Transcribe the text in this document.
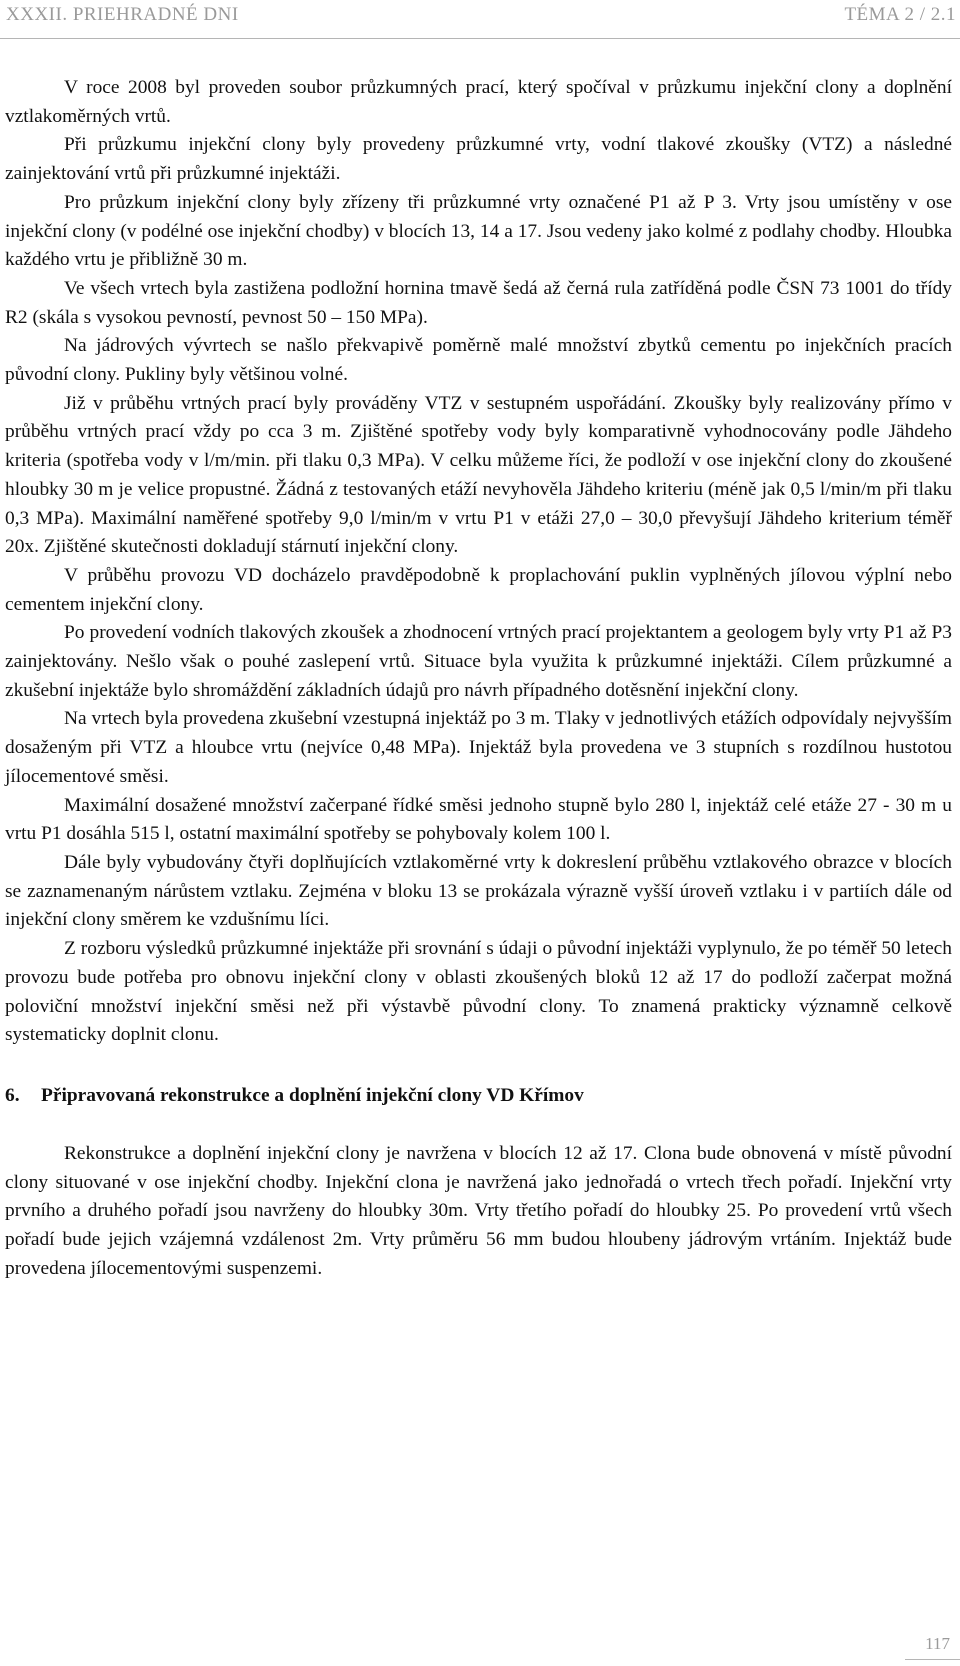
XXXII. PRIEHRADNÉ DNI	TÉMA 2 / 2.1

V roce 2008 byl proveden soubor průzkumných prací, který spočíval v průzkumu injekční clony a doplnění vztlakoměrných vrtů.

Při průzkumu injekční clony byly provedeny průzkumné vrty, vodní tlakové zkoušky (VTZ) a následné zainjektování vrtů při průzkumné injektáži.

Pro průzkum injekční clony byly zřízeny tři průzkumné vrty označené P1 až P 3. Vrty jsou umístěny v ose injekční clony (v podélné ose injekční chodby) v blocích 13, 14 a 17. Jsou vedeny jako kolmé z podlahy chodby. Hloubka každého vrtu je přibližně 30 m.

Ve všech vrtech byla zastižena podložní hornina tmavě šedá až černá rula zatříděná podle ČSN 73 1001 do třídy R2 (skála s vysokou pevností, pevnost 50 – 150 MPa).

Na jádrových vývrtech se našlo překvapivě poměrně malé množství zbytků cementu po injekčních pracích původní clony. Pukliny byly většinou volné.

Již v průběhu vrtných prací byly prováděny VTZ v sestupném uspořádání. Zkoušky byly realizovány přímo v průběhu vrtných prací vždy po cca 3 m. Zjištěné spotřeby vody byly komparativně vyhodnocovány podle Jähdeho kriteria (spotřeba vody v l/m/min. při tlaku 0,3 MPa). V celku můžeme říci, že podloží v ose injekční clony do zkoušené hloubky 30 m je velice propustné. Žádná z testovaných etáží nevyhověla Jähdeho kriteriu (méně jak 0,5 l/min/m při tlaku 0,3 MPa). Maximální naměřené spotřeby 9,0 l/min/m v vrtu P1 v etáži 27,0 – 30,0 převyšují Jähdeho kriterium téměř 20x. Zjištěné skutečnosti dokladují stárnutí injekční clony.

V průběhu provozu VD docházelo pravděpodobně k proplachování puklin vyplněných jílovou výplní nebo cementem injekční clony.

Po provedení vodních tlakových zkoušek a zhodnocení vrtných prací projektantem a geologem byly vrty P1 až P3 zainjektovány. Nešlo však o pouhé zaslepení vrtů. Situace byla využita k průzkumné injektáži. Cílem průzkumné a zkušební injektáže bylo shromáždění základních údajů pro návrh případného dotěsnění injekční clony.

Na vrtech byla provedena zkušební vzestupná injektáž po 3 m. Tlaky v jednotlivých etážích odpovídaly nejvyšším dosaženým při VTZ a hloubce vrtu (nejvíce 0,48 MPa). Injektáž byla provedena ve 3 stupních s rozdílnou hustotou jílocementové směsi.

Maximální dosažené množství začerpané řídké směsi jednoho stupně bylo 280 l, injektáž celé etáže 27 - 30 m u vrtu P1 dosáhla 515 l, ostatní maximální spotřeby se pohybovaly kolem 100 l.

Dále byly vybudovány čtyři doplňujících vztlakoměrné vrty k dokreslení průběhu vztlakového obrazce v blocích se zaznamenaným nárůstem vztlaku. Zejména v bloku 13 se prokázala výrazně vyšší úroveň vztlaku i v partiích dále od injekční clony směrem ke vzdušnímu líci.

Z rozboru výsledků průzkumné injektáže při srovnání s údaji o původní injektáži vyplynulo, že po téměř 50 letech provozu bude potřeba pro obnovu injekční clony v oblasti zkoušených bloků 12 až 17 do podloží začerpat možná poloviční množství injekční směsi než při výstavbě původní clony. To znamená prakticky významně celkově systematicky doplnit clonu.

6. Připravovaná rekonstrukce a doplnění injekční clony VD Křímov

Rekonstrukce a doplnění injekční clony je navržena v blocích 12 až 17. Clona bude obnovená v místě původní clony situované v ose injekční chodby. Injekční clona je navržená jako jednořadá o vrtech třech pořadí. Injekční vrty prvního a druhého pořadí jsou navrženy do hloubky 30m. Vrty třetího pořadí do hloubky 25. Po provedení vrtů všech pořadí bude jejich vzájemná vzdálenost 2m. Vrty průměru 56 mm budou hloubeny jádrovým vrtáním. Injektáž bude provedena jílocementovými suspenzemi.

117
